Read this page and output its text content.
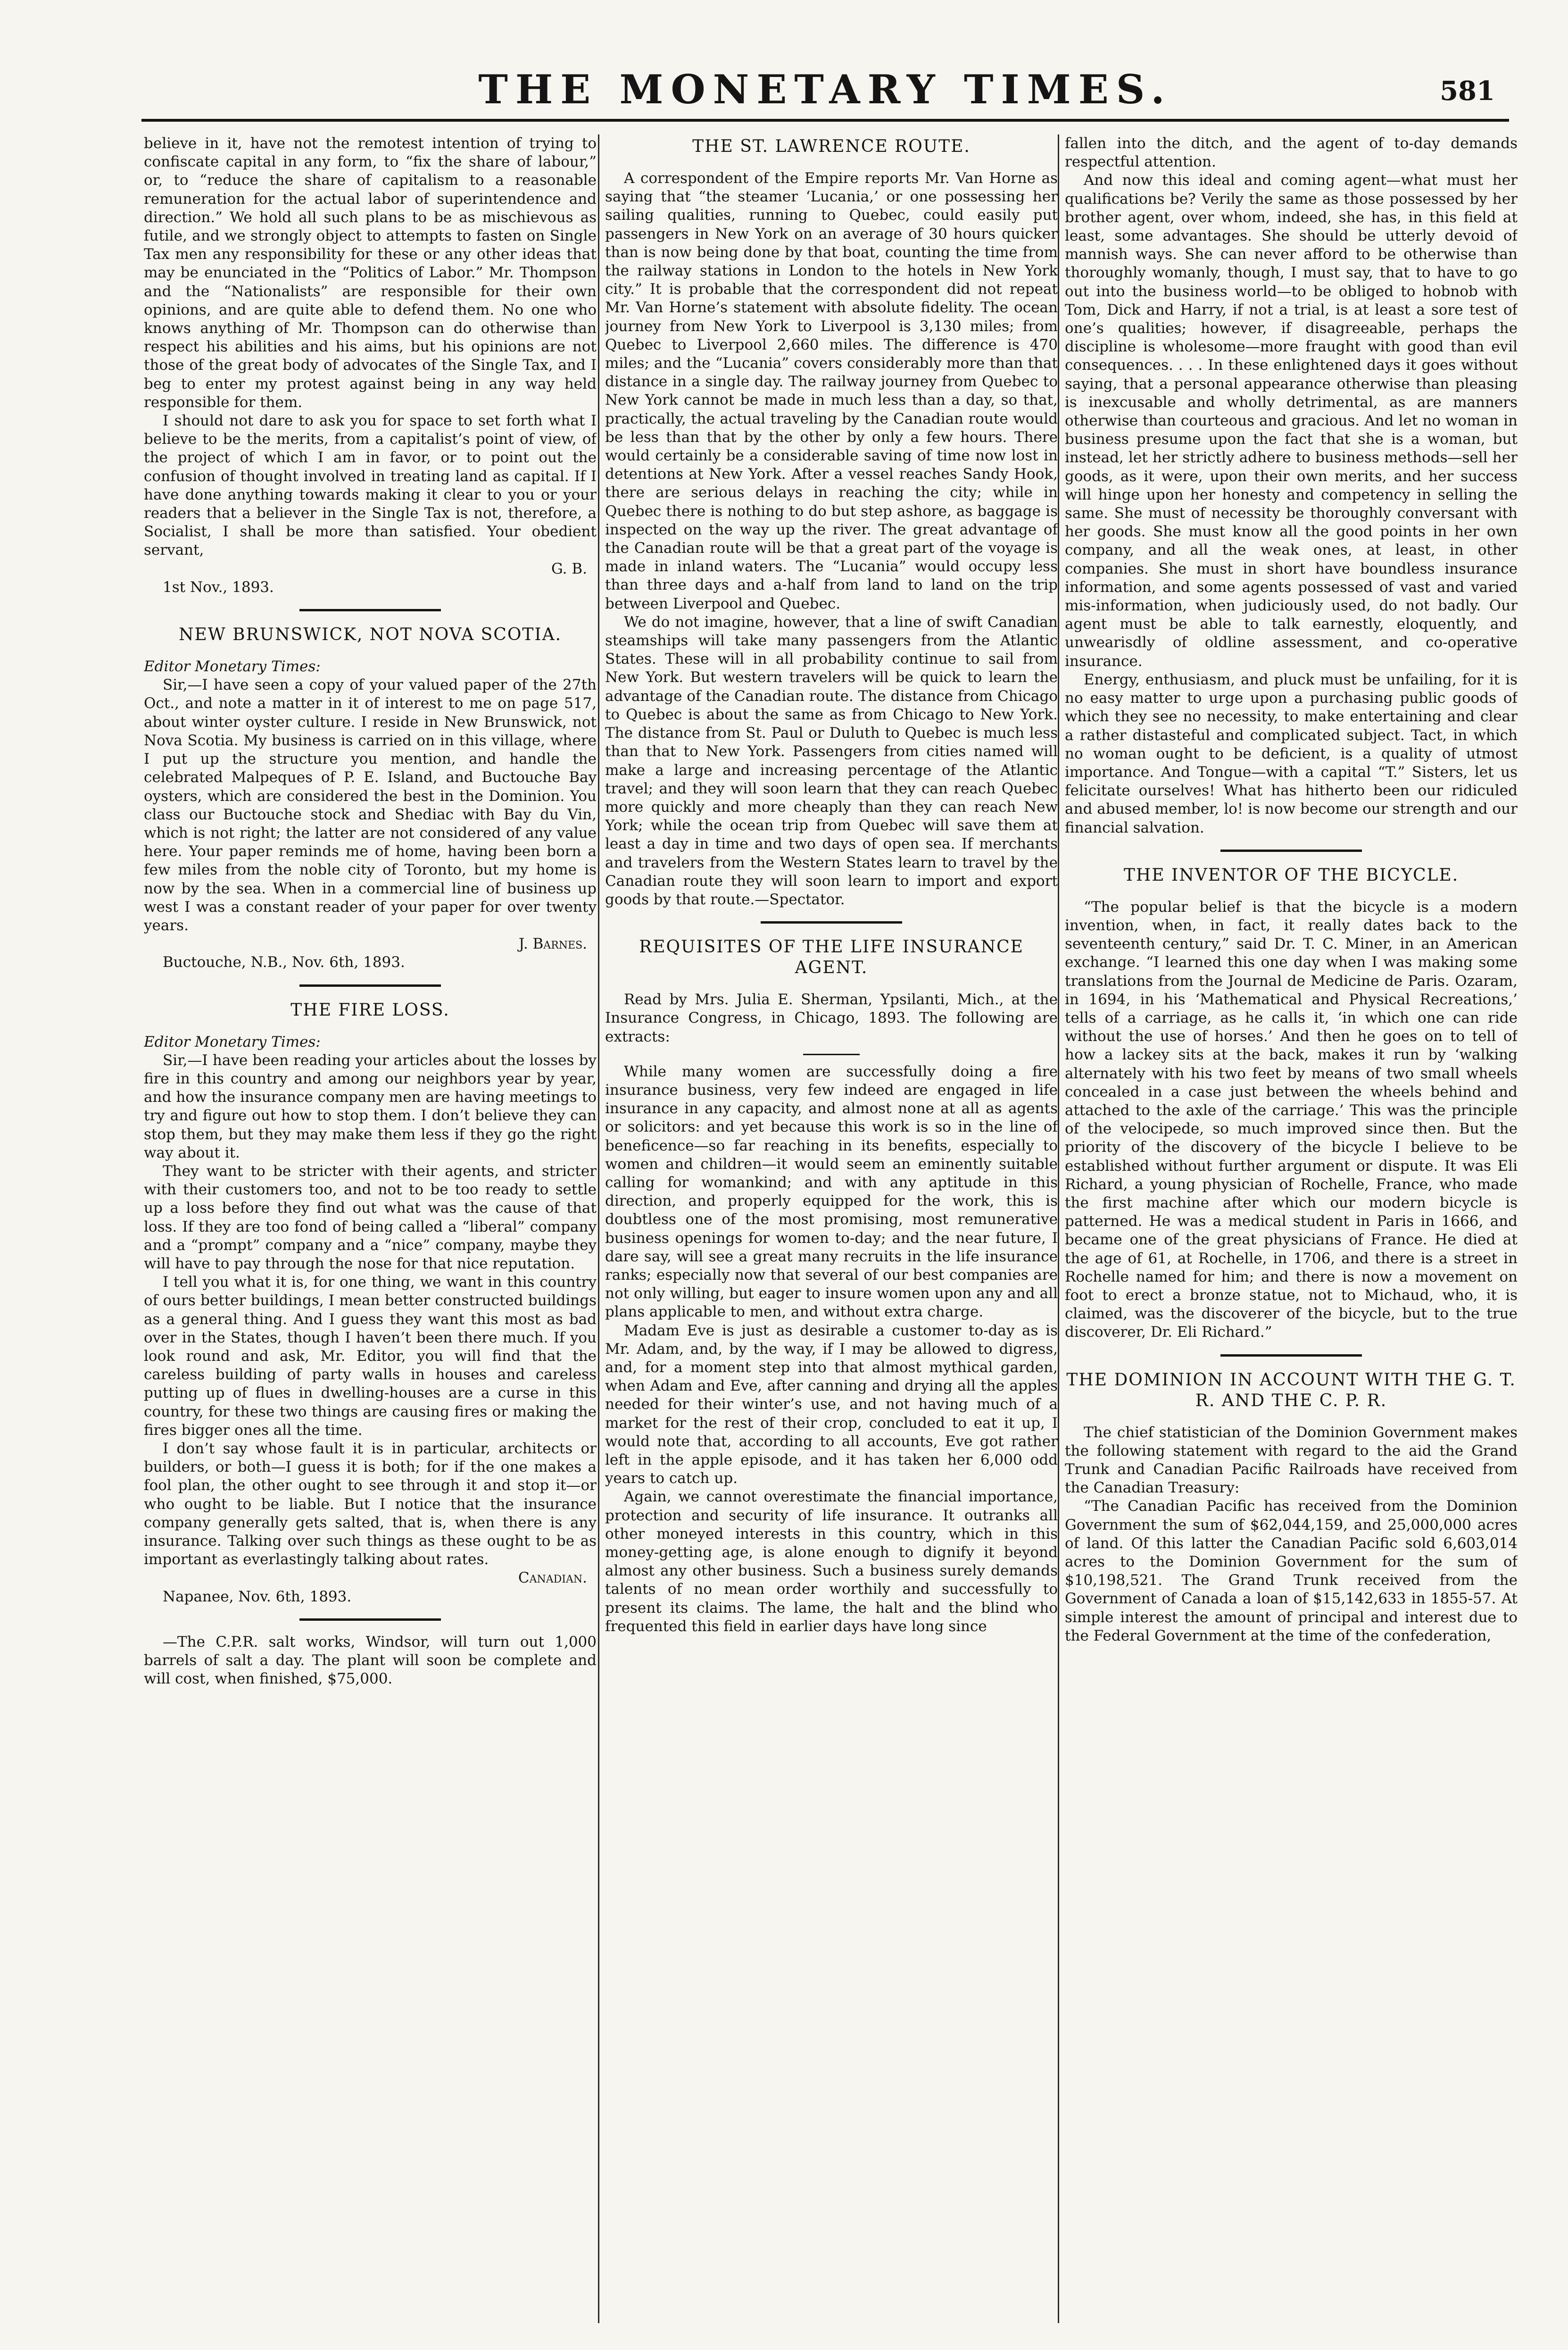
THE MONETARY TIMES.	581

believe in it, have not the remotest intention of trying to confiscate capital in any form, to “fix the share of labour,” or, to “reduce the share of capitalism to a reasonable remuneration for the actual labor of superintendence and direction.” We hold all such plans to be as mischievous as futile, and we strongly object to attempts to fasten on Single Tax men any responsibility for these or any other ideas that may be enunciated in the “Politics of Labor.” Mr. Thompson and the “Nationalists” are responsible for their own opinions, and are quite able to defend them. No one who knows anything of Mr. Thompson can do otherwise than respect his abilities and his aims, but his opinions are not those of the great body of advocates of the Single Tax, and I beg to enter my protest against being in any way held responsible for them.

I should not dare to ask you for space to set forth what I believe to be the merits, from a capitalist’s point of view, of the project of which I am in favor, or to point out the confusion of thought involved in treating land as capital. If I have done anything towards making it clear to you or your readers that a believer in the Single Tax is not, therefore, a Socialist, I shall be more than satisfied. Your obedient servant,

G. B.

1st Nov., 1893.

NEW BRUNSWICK, NOT NOVA SCOTIA.

Editor Monetary Times:

Sir,—I have seen a copy of your valued paper of the 27th Oct., and note a matter in it of interest to me on page 517, about winter oyster culture. I reside in New Brunswick, not Nova Scotia. My business is carried on in this village, where I put up the structure you mention, and handle the celebrated Malpeques of P. E. Island, and Buctouche Bay oysters, which are considered the best in the Dominion. You class our Buctouche stock and Shediac with Bay du Vin, which is not right; the latter are not considered of any value here. Your paper reminds me of home, having been born a few miles from the noble city of Toronto, but my home is now by the sea. When in a commercial line of business up west I was a constant reader of your paper for over twenty years.

J. Barnes.

Buctouche, N.B., Nov. 6th, 1893.

THE FIRE LOSS.

Editor Monetary Times:

Sir,—I have been reading your articles about the losses by fire in this country and among our neighbors year by year, and how the insurance company men are having meetings to try and figure out how to stop them. I don’t believe they can stop them, but they may make them less if they go the right way about it.

They want to be stricter with their agents, and stricter with their customers too, and not to be too ready to settle up a loss before they find out what was the cause of that loss. If they are too fond of being called a “liberal” company and a “prompt” company and a “nice” company, maybe they will have to pay through the nose for that nice reputation.

I tell you what it is, for one thing, we want in this country of ours better buildings, I mean better constructed buildings as a general thing. And I guess they want this most as bad over in the States, though I haven’t been there much. If you look round and ask, Mr. Editor, you will find that the careless building of party walls in houses and careless putting up of flues in dwelling-houses are a curse in this country, for these two things are causing fires or making the fires bigger ones all the time.

I don’t say whose fault it is in particular, architects or builders, or both—I guess it is both; for if the one makes a fool plan, the other ought to see through it and stop it—or who ought to be liable. But I notice that the insurance company generally gets salted, that is, when there is any insurance. Talking over such things as these ought to be as important as everlastingly talking about rates.

Canadian.

Napanee, Nov. 6th, 1893.

—The C.P.R. salt works, Windsor, will turn out 1,000 barrels of salt a day. The plant will soon be complete and will cost, when finished, $75,000.

THE ST. LAWRENCE ROUTE.

A correspondent of the Empire reports Mr. Van Horne as saying that “the steamer ‘Lucania,’ or one possessing her sailing qualities, running to Quebec, could easily put passengers in New York on an average of 30 hours quicker than is now being done by that boat, counting the time from the railway stations in London to the hotels in New York city.” It is probable that the correspondent did not repeat Mr. Van Horne’s statement with absolute fidelity. The ocean journey from New York to Liverpool is 3,130 miles; from Quebec to Liverpool 2,660 miles. The difference is 470 miles; and the “Lucania” covers considerably more than that distance in a single day. The railway journey from Quebec to New York cannot be made in much less than a day, so that, practically, the actual traveling by the Canadian route would be less than that by the other by only a few hours. There would certainly be a considerable saving of time now lost in detentions at New York. After a vessel reaches Sandy Hook, there are serious delays in reaching the city; while in Quebec there is nothing to do but step ashore, as baggage is inspected on the way up the river. The great advantage of the Canadian route will be that a great part of the voyage is made in inland waters. The “Lucania” would occupy less than three days and a-half from land to land on the trip between Liverpool and Quebec.

We do not imagine, however, that a line of swift Canadian steamships will take many passengers from the Atlantic States. These will in all probability continue to sail from New York. But western travelers will be quick to learn the advantage of the Canadian route. The distance from Chicago to Quebec is about the same as from Chicago to New York. The distance from St. Paul or Duluth to Quebec is much less than that to New York. Passengers from cities named will make a large and increasing percentage of the Atlantic travel; and they will soon learn that they can reach Quebec more quickly and more cheaply than they can reach New York; while the ocean trip from Quebec will save them at least a day in time and two days of open sea. If merchants and travelers from the Western States learn to travel by the Canadian route they will soon learn to import and export goods by that route.—Spectator.

REQUISITES OF THE LIFE INSURANCE AGENT.

Read by Mrs. Julia E. Sherman, Ypsilanti, Mich., at the Insurance Congress, in Chicago, 1893. The following are extracts:

While many women are successfully doing a fire insurance business, very few indeed are engaged in life insurance in any capacity, and almost none at all as agents or solicitors: and yet because this work is so in the line of beneficence—so far reaching in its benefits, especially to women and children—it would seem an eminently suitable calling for womankind; and with any aptitude in this direction, and properly equipped for the work, this is doubtless one of the most promising, most remunerative business openings for women to-day; and the near future, I dare say, will see a great many recruits in the life insurance ranks; especially now that several of our best companies are not only willing, but eager to insure women upon any and all plans applicable to men, and without extra charge.

Madam Eve is just as desirable a customer to-day as is Mr. Adam, and, by the way, if I may be allowed to digress, and, for a moment step into that almost mythical garden, when Adam and Eve, after canning and drying all the apples needed for their winter’s use, and not having much of a market for the rest of their crop, concluded to eat it up, I would note that, according to all accounts, Eve got rather left in the apple episode, and it has taken her 6,000 odd years to catch up.

Again, we cannot overestimate the financial importance, protection and security of life insurance. It outranks all other moneyed interests in this country, which in this money-getting age, is alone enough to dignify it beyond almost any other business. Such a business surely demands talents of no mean order worthily and successfully to present its claims. The lame, the halt and the blind who frequented this field in earlier days have long since

fallen into the ditch, and the agent of to-day demands respectful attention.

And now this ideal and coming agent—what must her qualifications be? Verily the same as those possessed by her brother agent, over whom, indeed, she has, in this field at least, some advantages. She should be utterly devoid of mannish ways. She can never afford to be otherwise than thoroughly womanly, though, I must say, that to have to go out into the business world—to be obliged to hobnob with Tom, Dick and Harry, if not a trial, is at least a sore test of one’s qualities; however, if disagreeable, perhaps the discipline is wholesome—more fraught with good than evil consequences. . . . In these enlightened days it goes without saying, that a personal appearance otherwise than pleasing is inexcusable and wholly detrimental, as are manners otherwise than courteous and gracious. And let no woman in business presume upon the fact that she is a woman, but instead, let her strictly adhere to business methods—sell her goods, as it were, upon their own merits, and her success will hinge upon her honesty and competency in selling the same. She must of necessity be thoroughly conversant with her goods. She must know all the good points in her own company, and all the weak ones, at least, in other companies. She must in short have boundless insurance information, and some agents possessed of vast and varied mis-information, when judiciously used, do not badly. Our agent must be able to talk earnestly, eloquently, and unwearisdly of oldline assessment, and co-operative insurance.

Energy, enthusiasm, and pluck must be unfailing, for it is no easy matter to urge upon a purchasing public goods of which they see no necessity, to make entertaining and clear a rather distasteful and complicated subject. Tact, in which no woman ought to be deficient, is a quality of utmost importance. And Tongue—with a capital “T.” Sisters, let us felicitate ourselves! What has hitherto been our ridiculed and abused member, lo! is now become our strength and our financial salvation.

THE INVENTOR OF THE BICYCLE.

“The popular belief is that the bicycle is a modern invention, when, in fact, it really dates back to the seventeenth century,” said Dr. T. C. Miner, in an American exchange. “I learned this one day when I was making some translations from the Journal de Medicine de Paris. Ozaram, in 1694, in his ‘Mathematical and Physical Recreations,’ tells of a carriage, as he calls it, ‘in which one can ride without the use of horses.’ And then he goes on to tell of how a lackey sits at the back, makes it run by ‘walking alternately with his two feet by means of two small wheels concealed in a case just between the wheels behind and attached to the axle of the carriage.’ This was the principle of the velocipede, so much improved since then. But the priority of the discovery of the bicycle I believe to be established without further argument or dispute. It was Eli Richard, a young physician of Rochelle, France, who made the first machine after which our modern bicycle is patterned. He was a medical student in Paris in 1666, and became one of the great physicians of France. He died at the age of 61, at Rochelle, in 1706, and there is a street in Rochelle named for him; and there is now a movement on foot to erect a bronze statue, not to Michaud, who, it is claimed, was the discoverer of the bicycle, but to the true discoverer, Dr. Eli Richard.”

THE DOMINION IN ACCOUNT WITH THE G. T. R. AND THE C. P. R.

The chief statistician of the Dominion Government makes the following statement with regard to the aid the Grand Trunk and Canadian Pacific Railroads have received from the Canadian Treasury:

“The Canadian Pacific has received from the Dominion Government the sum of $62,044,159, and 25,000,000 acres of land. Of this latter the Canadian Pacific sold 6,603,014 acres to the Dominion Government for the sum of $10,198,521. The Grand Trunk received from the Government of Canada a loan of $15,142,633 in 1855-57. At simple interest the amount of principal and interest due to the Federal Government at the time of the confederation,
